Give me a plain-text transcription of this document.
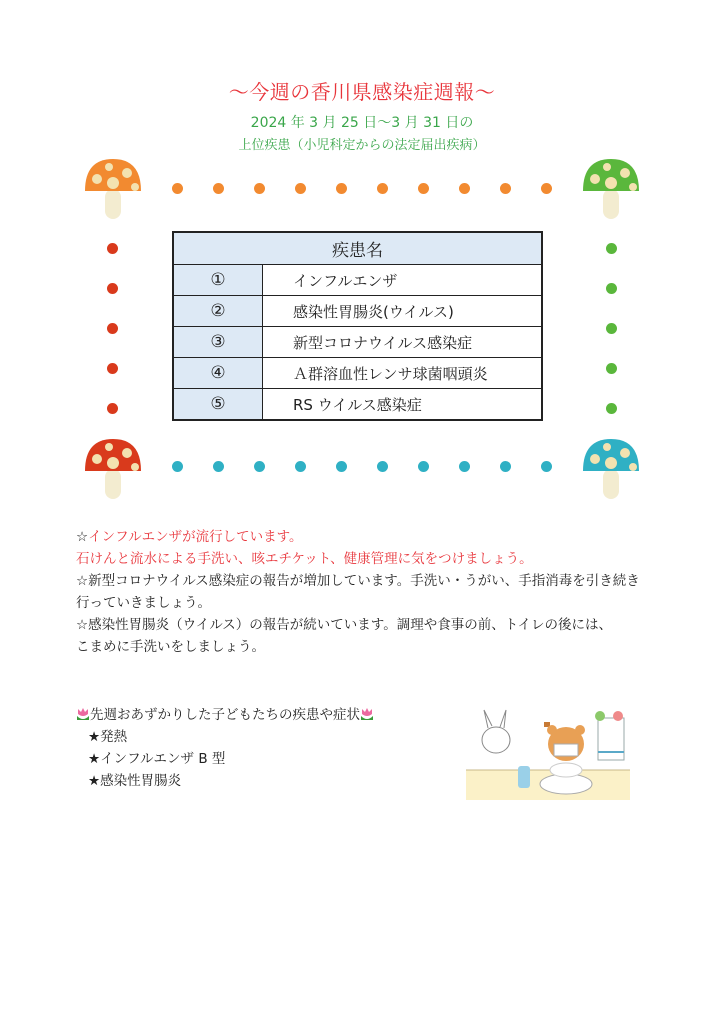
～今週の香川県感染症週報～
2024 年 3 月 25 日～3 月 31 日の
上位疾患（小児科定からの法定届出疾病）
疾患名	
①	インフルエンザ
②	感染性胃腸炎(ウイルス)
③	新型コロナウイルス感染症
④	Ａ群溶血性レンサ球菌咽頭炎
⑤	RS ウイルス感染症
☆インフルエンザが流行しています。
石けんと流水による手洗い、咳エチケット、健康管理に気をつけましょう。
☆新型コロナウイルス感染症の報告が増加しています。手洗い・うがい、手指消毒を引き続き
行っていきましょう。
☆感染性胃腸炎（ウイルス）の報告が続いています。調理や食事の前、トイレの後には、
こまめに手洗いをしましょう。
先週おあずかりした子どもたちの疾患や症状
★発熱
★インフルエンザ B 型
★感染性胃腸炎
